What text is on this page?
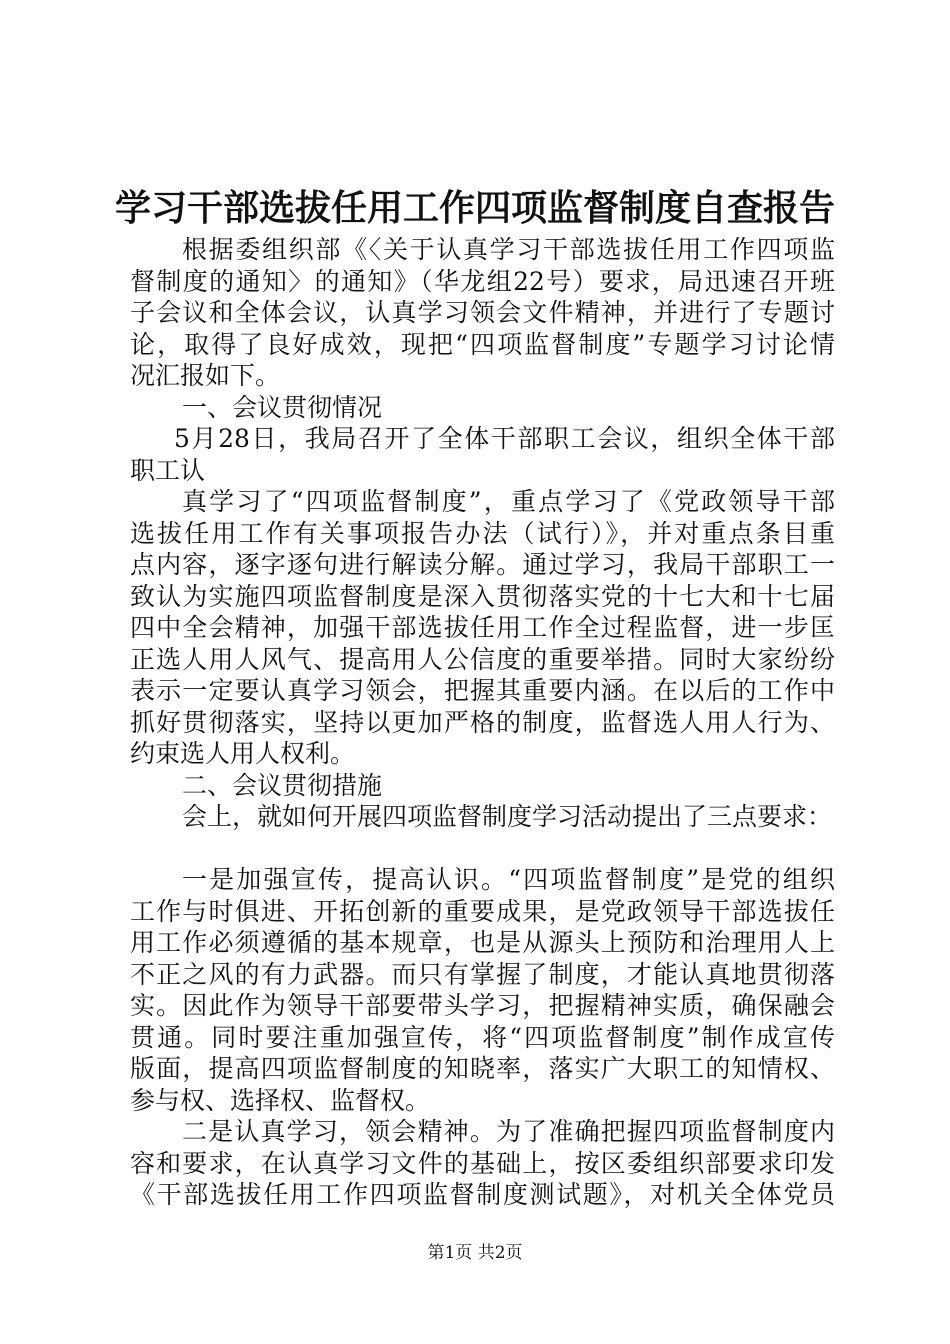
学习干部选拔任用工作四项监督制度自查报告
根据委组织部《〈关于认真学习干部选拔任用工作四项监
督制度的通知〉的通知》（华龙组22号）要求，局迅速召开班
子会议和全体会议，认真学习领会文件精神，并进行了专题讨
论，取得了良好成效，现把“四项监督制度”专题学习讨论情
况汇报如下。
一、会议贯彻情况
5月28日，我局召开了全体干部职工会议，组织全体干部
职工认
真学习了“四项监督制度”，重点学习了《党政领导干部
选拔任用工作有关事项报告办法（试行）》，并对重点条目重
点内容，逐字逐句进行解读分解。通过学习，我局干部职工一
致认为实施四项监督制度是深入贯彻落实党的十七大和十七届
四中全会精神，加强干部选拔任用工作全过程监督，进一步匡
正选人用人风气、提高用人公信度的重要举措。同时大家纷纷
表示一定要认真学习领会，把握其重要内涵。在以后的工作中
抓好贯彻落实，坚持以更加严格的制度，监督选人用人行为、
约束选人用人权利。
二、会议贯彻措施
会上，就如何开展四项监督制度学习活动提出了三点要求：
一是加强宣传，提高认识。“四项监督制度”是党的组织
工作与时俱进、开拓创新的重要成果，是党政领导干部选拔任
用工作必须遵循的基本规章，也是从源头上预防和治理用人上
不正之风的有力武器。而只有掌握了制度，才能认真地贯彻落
实。因此作为领导干部要带头学习，把握精神实质，确保融会
贯通。同时要注重加强宣传，将“四项监督制度”制作成宣传
版面，提高四项监督制度的知晓率，落实广大职工的知情权、
参与权、选择权、监督权。
二是认真学习，领会精神。为了准确把握四项监督制度内
容和要求，在认真学习文件的基础上，按区委组织部要求印发
《干部选拔任用工作四项监督制度测试题》，对机关全体党员
第1页 共2页
